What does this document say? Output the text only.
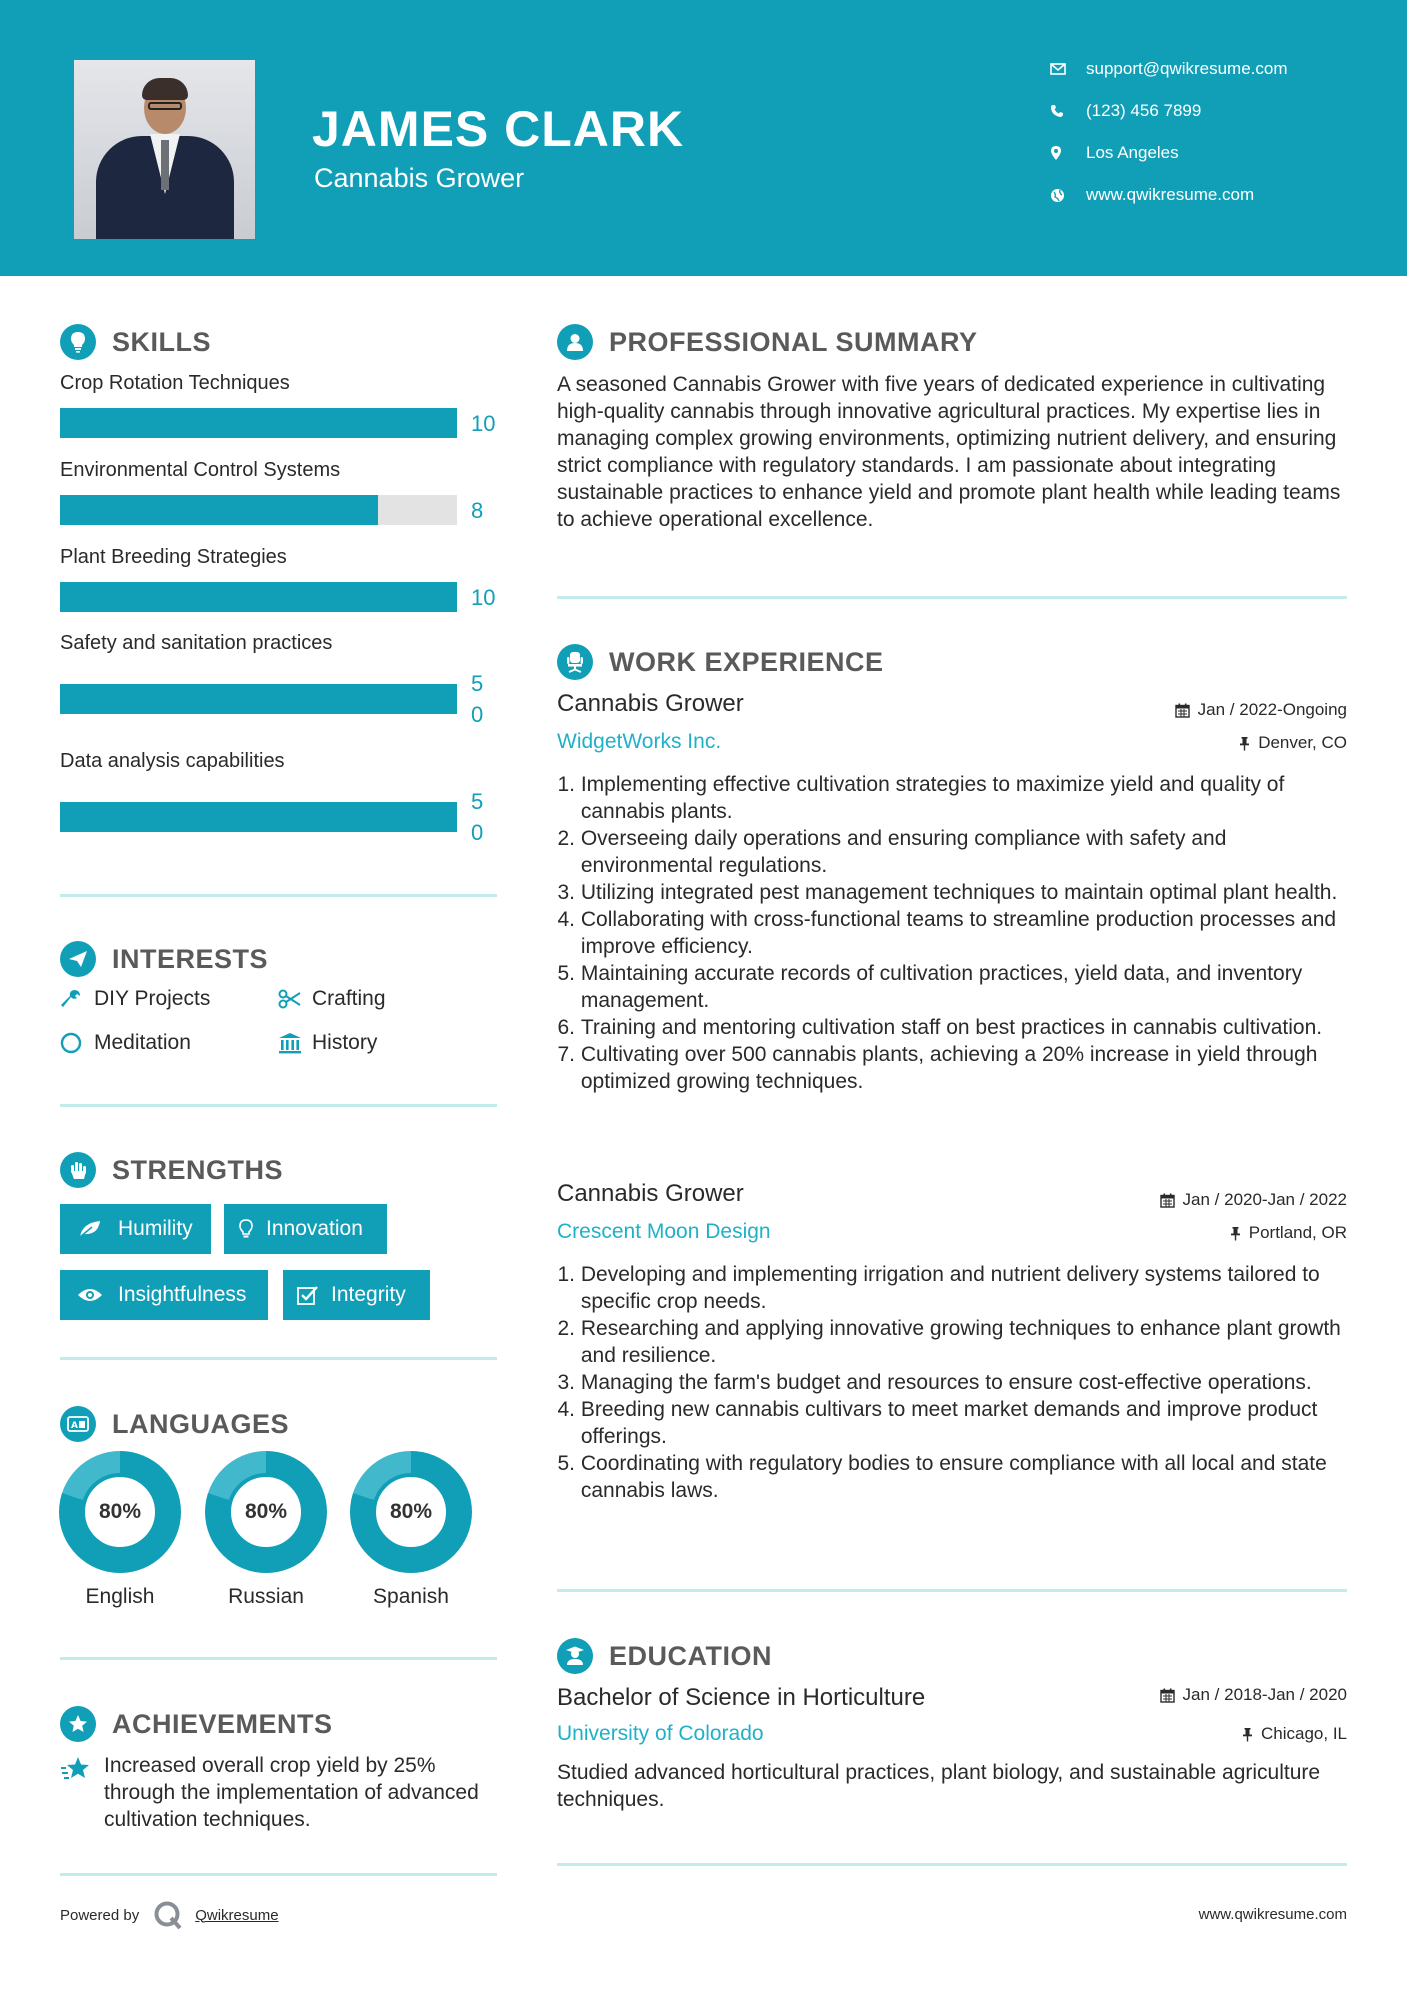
JAMES CLARK
Cannabis Grower
support@qwikresume.com
(123) 456 7899
Los Angeles
www.qwikresume.com
SKILLS
Crop Rotation Techniques
10
Environmental Control Systems
8
Plant Breeding Strategies
10
Safety and sanitation practices
5
0
Data analysis capabilities
5
0
INTERESTS
DIY Projects	Crafting
Meditation	History
STRENGTHS
Humility	Innovation
Insightfulness	Integrity
A LANGUAGES
80%
English
80%
Russian
80%
Spanish
ACHIEVEMENTS
Increased overall crop yield by 25% through the implementation of advanced cultivation techniques.
PROFESSIONAL SUMMARY
A seasoned Cannabis Grower with five years of dedicated experience in cultivating high-quality cannabis through innovative agricultural practices. My expertise lies in managing complex growing environments, optimizing nutrient delivery, and ensuring strict compliance with regulatory standards. I am passionate about integrating sustainable practices to enhance yield and promote plant health while leading teams to achieve operational excellence.
WORK EXPERIENCE
Cannabis Grower	Jan / 2022-Ongoing
WidgetWorks Inc.	Denver, CO
1.
Implementing effective cultivation strategies to maximize yield and quality of cannabis plants.
2.
Overseeing daily operations and ensuring compliance with safety and environmental regulations.
3.
Utilizing integrated pest management techniques to maintain optimal plant health.
4.
Collaborating with cross-functional teams to streamline production processes and improve efficiency.
5.
Maintaining accurate records of cultivation practices, yield data, and inventory management.
6.
Training and mentoring cultivation staff on best practices in cannabis cultivation.
7.
Cultivating over 500 cannabis plants, achieving a 20% increase in yield through optimized growing techniques.
Cannabis Grower	Jan / 2020-Jan / 2022
Crescent Moon Design	Portland, OR
1.
Developing and implementing irrigation and nutrient delivery systems tailored to specific crop needs.
2.
Researching and applying innovative growing techniques to enhance plant growth and resilience.
3.
Managing the farm's budget and resources to ensure cost-effective operations.
4.
Breeding new cannabis cultivars to meet market demands and improve product offerings.
5.
Coordinating with regulatory bodies to ensure compliance with all local and state cannabis laws.
EDUCATION
Bachelor of Science in Horticulture	Jan / 2018-Jan / 2020
University of Colorado	Chicago, IL
Studied advanced horticultural practices, plant biology, and sustainable agriculture techniques.
Powered by	Qwikresume	www.qwikresume.com
